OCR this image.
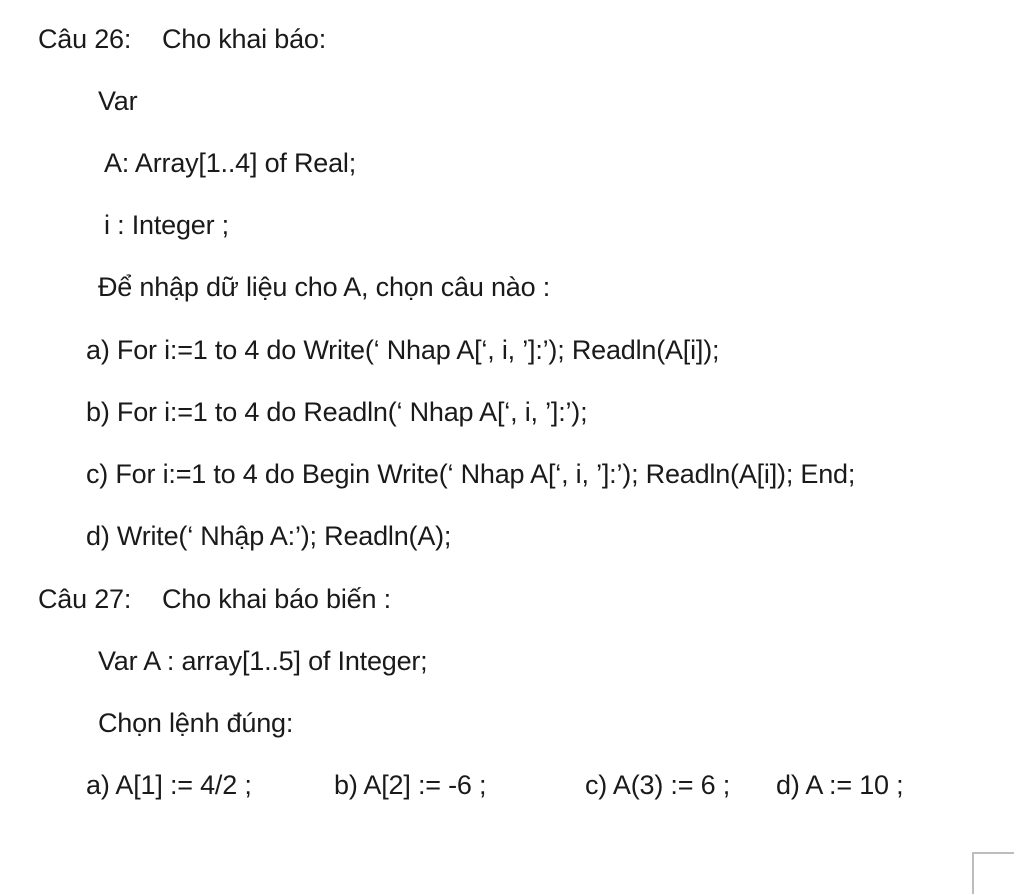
Câu 26: Cho khai báo:
Var
A: Array[1..4] of Real;
i : Integer ;
Để nhập dữ liệu cho A, chọn câu nào :
a) For i:=1 to 4 do Write(‘ Nhap A[‘, i, ’]:’); Readln(A[i]);
b) For i:=1 to 4 do Readln(‘ Nhap A[‘, i, ’]:’);
c) For i:=1 to 4 do Begin Write(‘ Nhap A[‘, i, ’]:’); Readln(A[i]); End;
d) Write(‘ Nhập A:’); Readln(A);
Câu 27: Cho khai báo biến :
Var A : array[1..5] of Integer;
Chọn lệnh đúng:
a) A[1] := 4/2 ;	b) A[2] := -6 ;	c) A(3) := 6 ; d) A := 10 ;
